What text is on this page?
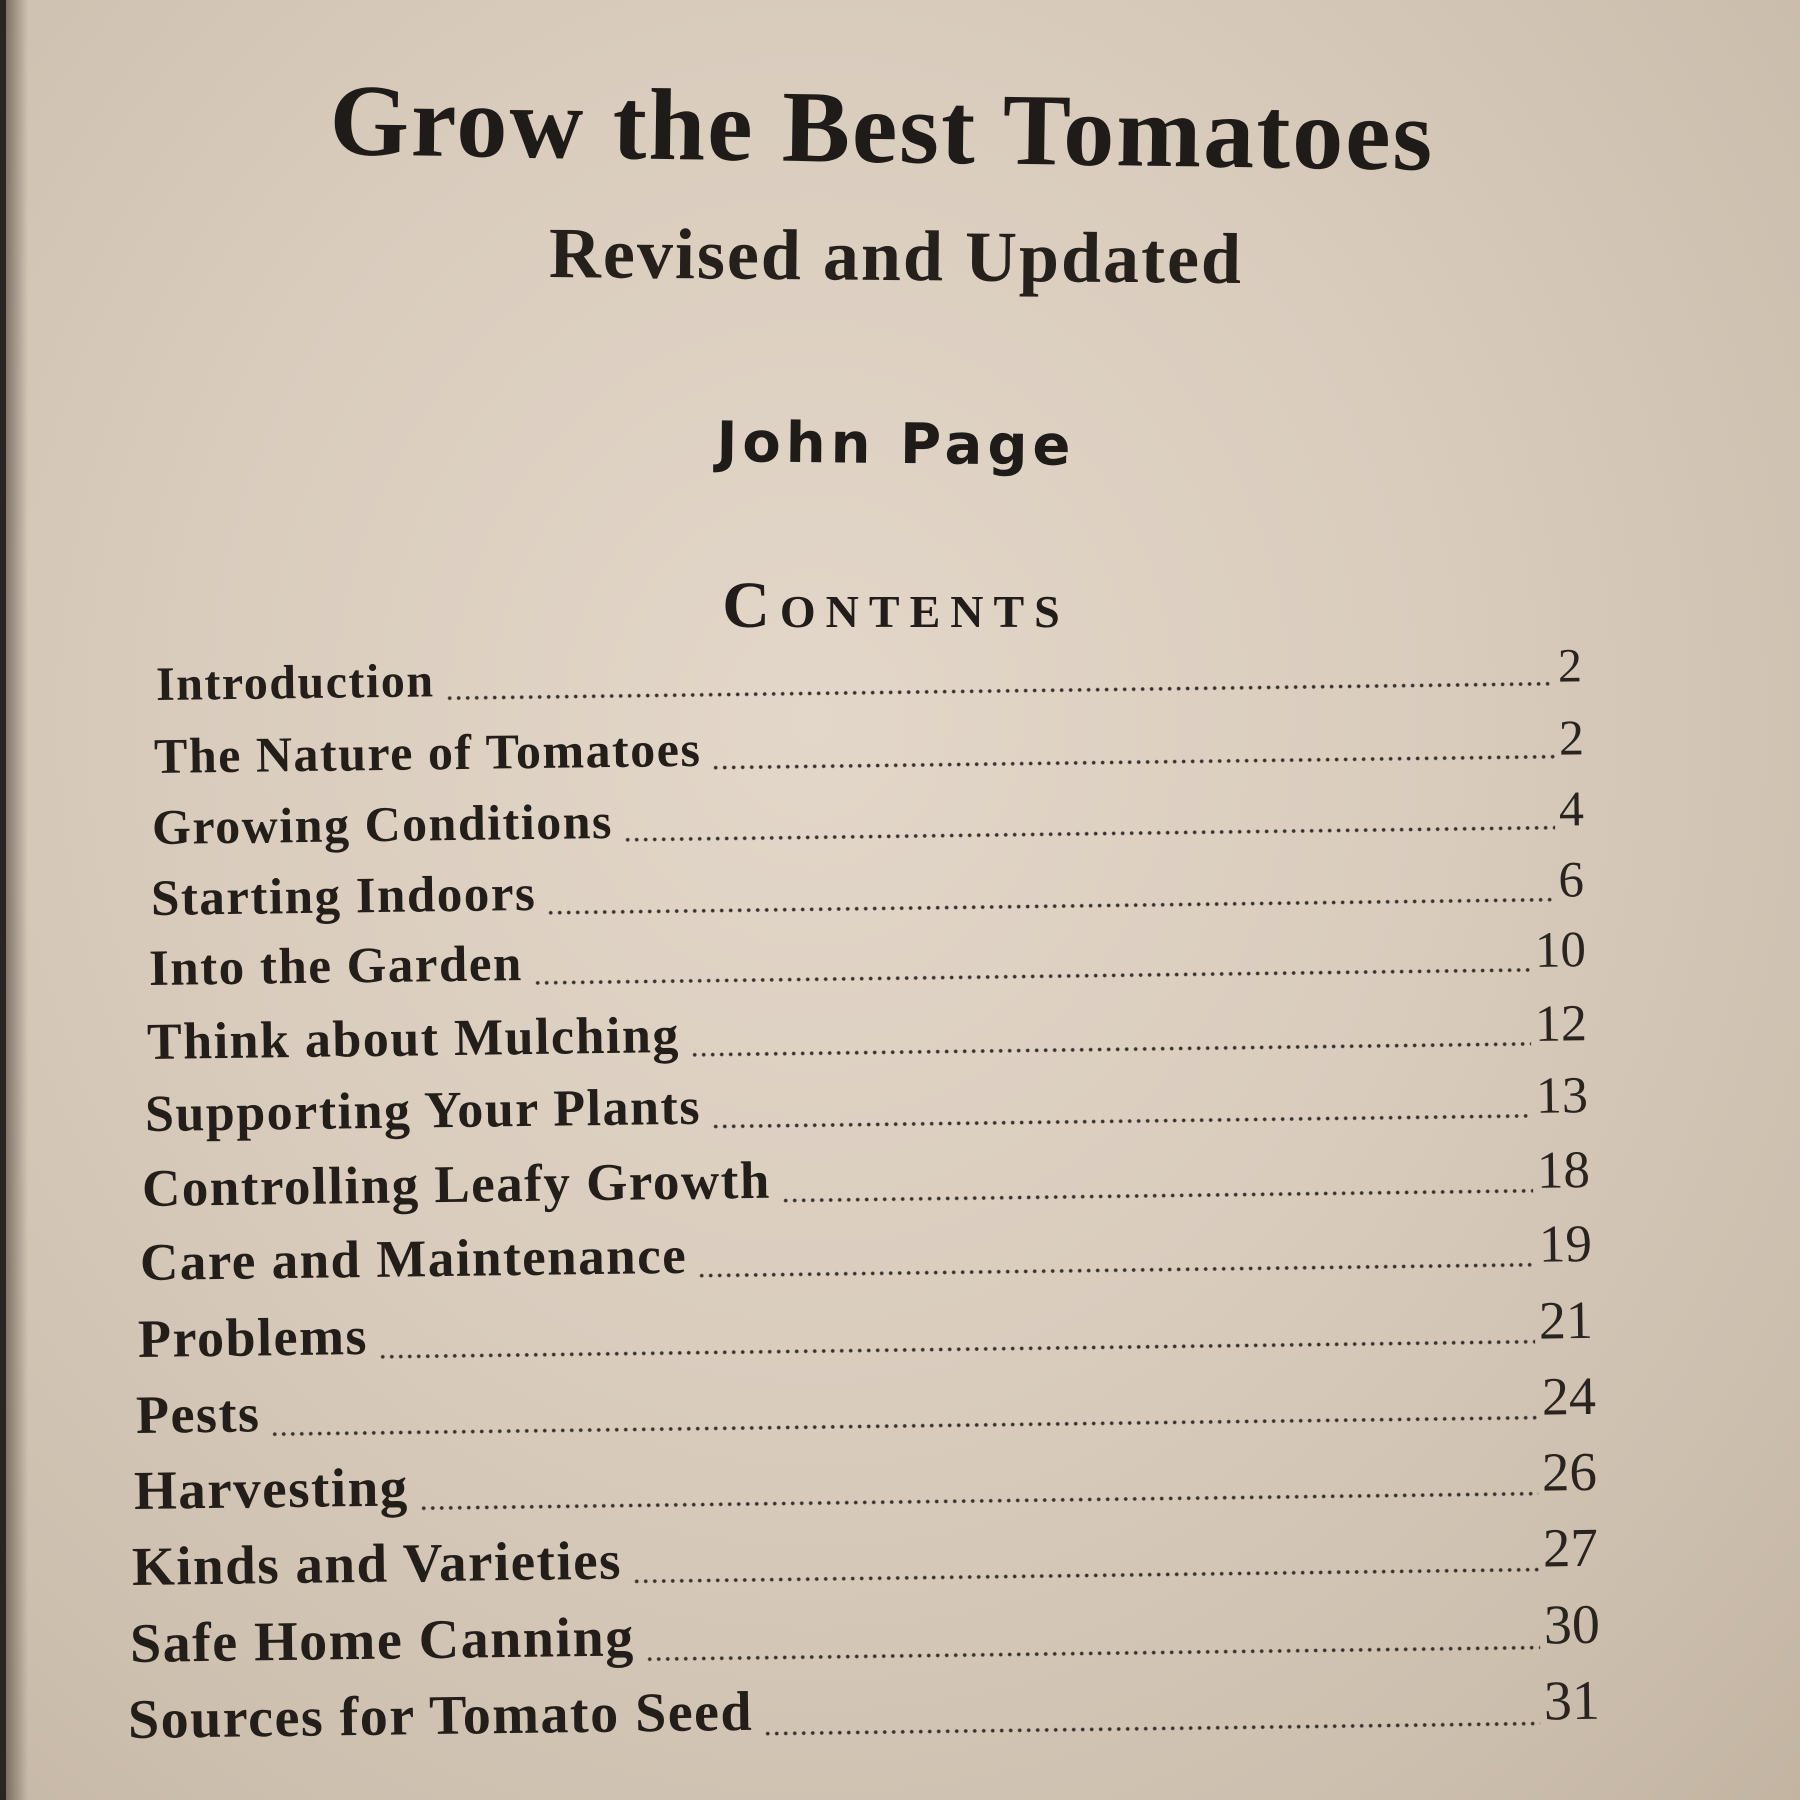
Grow the Best Tomatoes
Revised and Updated
John Page
Contents
Introduction	2
The Nature of Tomatoes	2
Growing Conditions	4
Starting Indoors	6
Into the Garden	10
Think about Mulching	12
Supporting Your Plants	13
Controlling Leafy Growth	18
Care and Maintenance	19
Problems	21
Pests	24
Harvesting	26
Kinds and Varieties	27
Safe Home Canning	30
Sources for Tomato Seed	31
